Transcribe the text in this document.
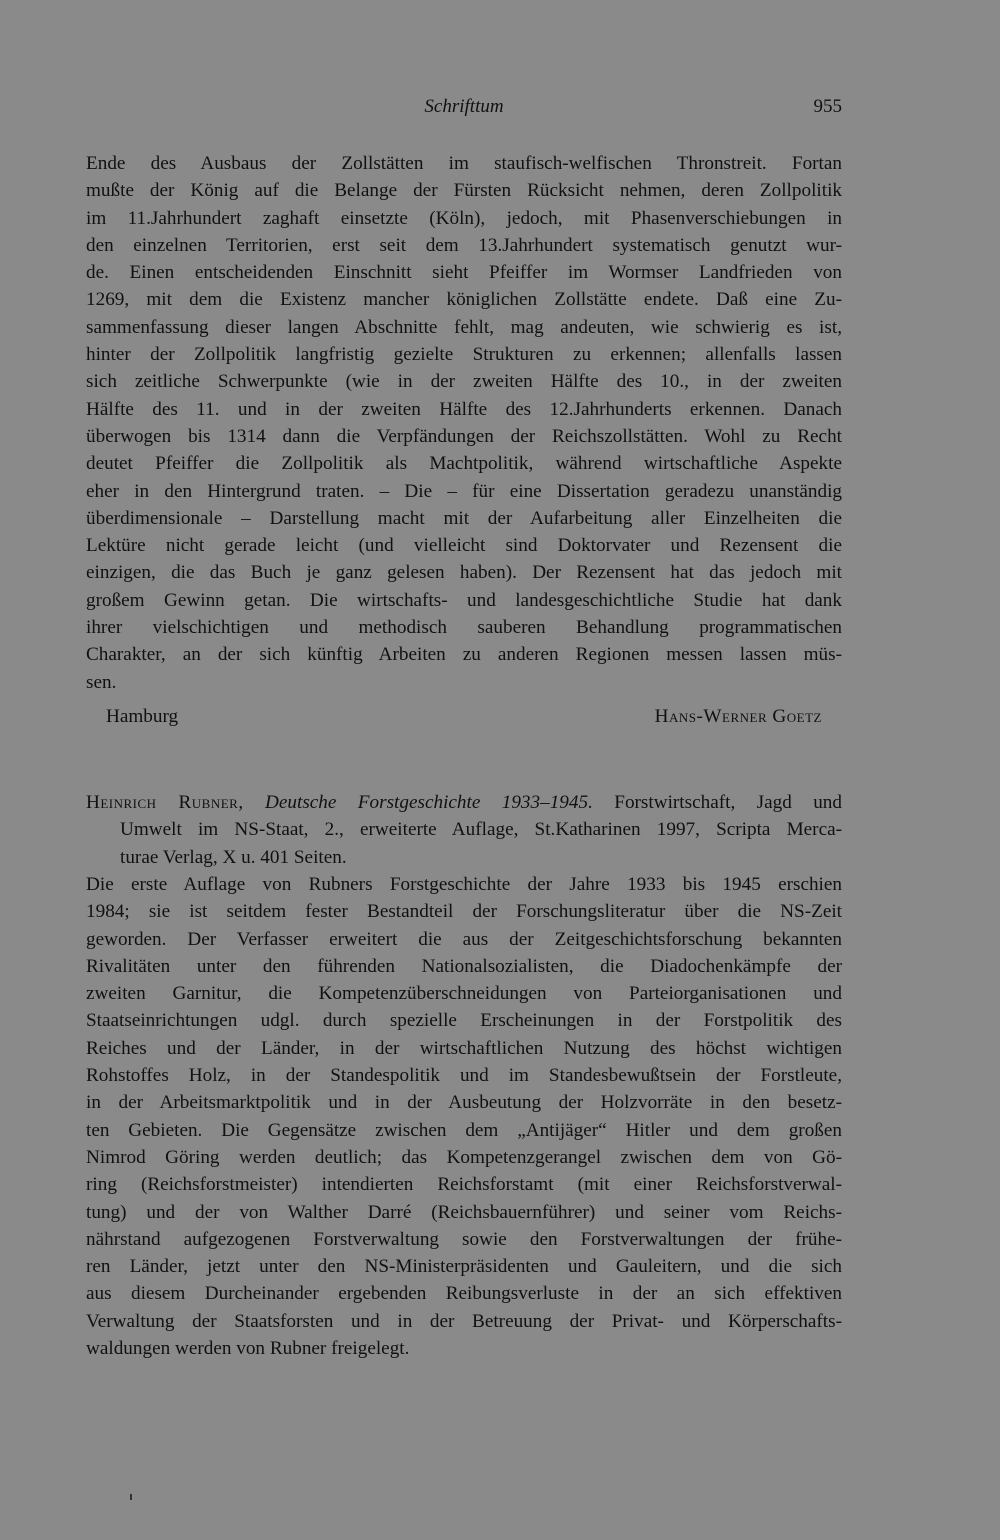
Schrifttum	955
Ende des Ausbaus der Zollstätten im staufisch-welfischen Thronstreit. Fortan
mußte der König auf die Belange der Fürsten Rücksicht nehmen, deren Zollpolitik
im 11.Jahrhundert zaghaft einsetzte (Köln), jedoch, mit Phasenverschiebungen in
den einzelnen Territorien, erst seit dem 13.Jahrhundert systematisch genutzt wur-
de. Einen entscheidenden Einschnitt sieht Pfeiffer im Wormser Landfrieden von
1269, mit dem die Existenz mancher königlichen Zollstätte endete. Daß eine Zu-
sammenfassung dieser langen Abschnitte fehlt, mag andeuten, wie schwierig es ist,
hinter der Zollpolitik langfristig gezielte Strukturen zu erkennen; allenfalls lassen
sich zeitliche Schwerpunkte (wie in der zweiten Hälfte des 10., in der zweiten
Hälfte des 11. und in der zweiten Hälfte des 12.Jahrhunderts erkennen. Danach
überwogen bis 1314 dann die Verpfändungen der Reichszollstätten. Wohl zu Recht
deutet Pfeiffer die Zollpolitik als Machtpolitik, während wirtschaftliche Aspekte
eher in den Hintergrund traten. – Die – für eine Dissertation geradezu unanständig
überdimensionale – Darstellung macht mit der Aufarbeitung aller Einzelheiten die
Lektüre nicht gerade leicht (und vielleicht sind Doktorvater und Rezensent die
einzigen, die das Buch je ganz gelesen haben). Der Rezensent hat das jedoch mit
großem Gewinn getan. Die wirtschafts- und landesgeschichtliche Studie hat dank
ihrer vielschichtigen und methodisch sauberen Behandlung programmatischen
Charakter, an der sich künftig Arbeiten zu anderen Regionen messen lassen müs-
sen.
Hamburg	Hans-Werner Goetz
Heinrich Rubner, Deutsche Forstgeschichte 1933–1945. Forstwirtschaft, Jagd und
Umwelt im NS-Staat, 2., erweiterte Auflage, St.Katharinen 1997, Scripta Merca-
turae Verlag, X u. 401 Seiten.
Die erste Auflage von Rubners Forstgeschichte der Jahre 1933 bis 1945 erschien
1984; sie ist seitdem fester Bestandteil der Forschungsliteratur über die NS-Zeit
geworden. Der Verfasser erweitert die aus der Zeitgeschichtsforschung bekannten
Rivalitäten unter den führenden Nationalsozialisten, die Diadochenkämpfe der
zweiten Garnitur, die Kompetenzüberschneidungen von Parteiorganisationen und
Staatseinrichtungen udgl. durch spezielle Erscheinungen in der Forstpolitik des
Reiches und der Länder, in der wirtschaftlichen Nutzung des höchst wichtigen
Rohstoffes Holz, in der Standespolitik und im Standesbewußtsein der Forstleute,
in der Arbeitsmarktpolitik und in der Ausbeutung der Holzvorräte in den besetz-
ten Gebieten. Die Gegensätze zwischen dem „Antijäger“ Hitler und dem großen
Nimrod Göring werden deutlich; das Kompetenzgerangel zwischen dem von Gö-
ring (Reichsforstmeister) intendierten Reichsforstamt (mit einer Reichsforstverwal-
tung) und der von Walther Darré (Reichsbauernführer) und seiner vom Reichs-
nährstand aufgezogenen Forstverwaltung sowie den Forstverwaltungen der frühe-
ren Länder, jetzt unter den NS-Ministerpräsidenten und Gauleitern, und die sich
aus diesem Durcheinander ergebenden Reibungsverluste in der an sich effektiven
Verwaltung der Staatsforsten und in der Betreuung der Privat- und Körperschafts-
waldungen werden von Rubner freigelegt.
